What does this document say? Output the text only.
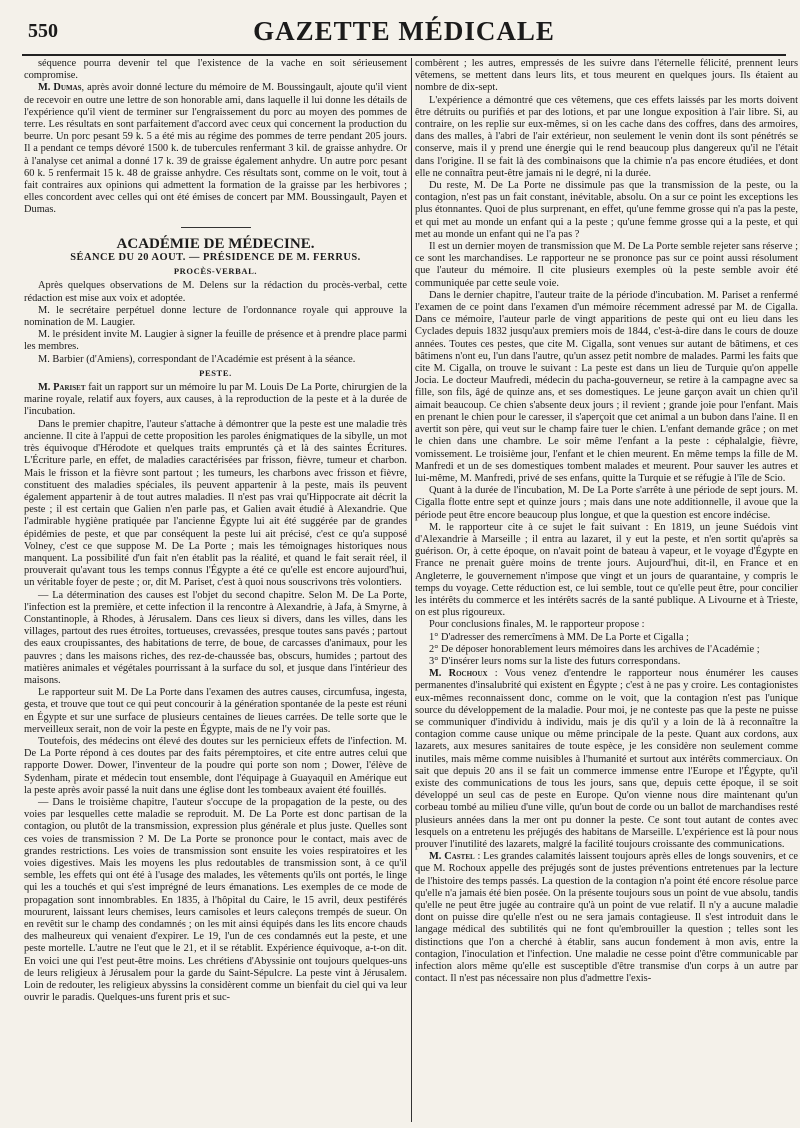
550	GAZETTE MÉDICALE

séquence pourra devenir tel que l'existence de la vache en soit sérieusement compromise.

M. Dumas, après avoir donné lecture du mémoire de M. Boussingault, ajoute qu'il vient de recevoir en outre une lettre de son honorable ami, dans laquelle il lui donne les détails de l'expérience qu'il vient de terminer sur l'engraissement du porc au moyen des pommes de terre. Les résultats en sont parfaitement d'accord avec ceux qui concernent la production du beurre. Un porc pesant 59 k. 5 a été mis au régime des pommes de terre pendant 205 jours. Il a pendant ce temps dévoré 1500 k. de tubercules renfermant 3 kil. de graisse anhydre. Or à l'analyse cet animal a donné 17 k. 39 de graisse également anhydre. Un autre porc pesant 60 k. 5 renfermait 15 k. 48 de graisse anhydre. Ces résultats sont, comme on le voit, tout à fait contraires aux opinions qui admettent la formation de la graisse par les herbivores ; elles concordent avec celles qui ont été émises de concert par MM. Boussingault, Payen et Dumas.

ACADÉMIE DE MÉDECINE.

SÉANCE DU 20 AOUT. — PRÉSIDENCE DE M. FERRUS.

PROCÈS-VERBAL.

Après quelques observations de M. Delens sur la rédaction du procès-verbal, cette rédaction est mise aux voix et adoptée.

M. le secrétaire perpétuel donne lecture de l'ordonnance royale qui approuve la nomination de M. Laugier.

M. le président invite M. Laugier à signer la feuille de présence et à prendre place parmi les membres.

M. Barbier (d'Amiens), correspondant de l'Académie est présent à la séance.

PESTE.

M. Pariset fait un rapport sur un mémoire lu par M. Louis De La Porte, chirurgien de la marine royale, relatif aux foyers, aux causes, à la reproduction de la peste et à la durée de l'incubation.

Dans le premier chapitre, l'auteur s'attache à démontrer que la peste est une maladie très ancienne. Il cite à l'appui de cette proposition les paroles énigmatiques de la sibylle, un mot très équivoque d'Hérodote et quelques traits empruntés çà et là des saintes Écritures. L'Écriture parle, en effet, de maladies caractérisées par frisson, fièvre, tumeur et charbon. Mais le frisson et la fièvre sont partout ; les tumeurs, les charbons avec frisson et fièvre, constituent des maladies spéciales, ils peuvent appartenir à la peste, mais ils peuvent également appartenir à de tout autres maladies. Il n'est pas vrai qu'Hippocrate ait décrit la peste ; il est certain que Galien n'en parle pas, et Galien avait étudié à Alexandrie. Que l'admirable hygiène pratiquée par l'ancienne Égypte lui ait été suggérée par de grandes épidémies de peste, et que par conséquent la peste lui ait précisé, c'est ce qu'a supposé Volney, c'est ce que suppose M. De La Porte ; mais les témoignages historiques nous manquent. La possibilité d'un fait n'en établit pas la réalité, et quand le fait serait réel, il prouverait qu'avant tous les temps connus l'Égypte a été ce qu'elle est encore aujourd'hui, un véritable foyer de peste ; or, dit M. Pariset, c'est à quoi nous souscrivons très volontiers.

— La détermination des causes est l'objet du second chapitre. Selon M. De La Porte, l'infection est la première, et cette infection il la rencontre à Alexandrie, à Jafa, à Smyrne, à Constantinople, à Rhodes, à Jérusalem. Dans ces lieux si divers, dans les villes, dans les villages, partout des rues étroites, tortueuses, crevassées, presque toutes sans pavés ; partout des eaux croupissantes, des habitations de terre, de boue, de carcasses d'animaux, pour les pauvres ; dans les maisons riches, des rez-de-chaussée bas, obscurs, humides ; partout des matières animales et végétales pourrissant à la surface du sol, et jusque dans l'intérieur des maisons.

Le rapporteur suit M. De La Porte dans l'examen des autres causes, circumfusa, ingesta, gesta, et trouve que tout ce qui peut concourir à la génération spontanée de la peste est réuni en Égypte et sur une surface de plusieurs centaines de lieues carrées. De telle sorte que le merveilleux serait, non de voir la peste en Égypte, mais de ne l'y voir pas.

Toutefois, des médecins ont élevé des doutes sur les pernicieux effets de l'infection. M. De La Porte répond à ces doutes par des faits péremptoires, et cite entre autres celui que rapporte Dower. Dower, l'inventeur de la poudre qui porte son nom ; Dower, l'élève de Sydenham, pirate et médecin tout ensemble, dont l'équipage à Guayaquil en Amérique eut la peste après avoir passé la nuit dans une église dont les tombeaux avaient été fouillés.

— Dans le troisième chapitre, l'auteur s'occupe de la propagation de la peste, ou des voies par lesquelles cette maladie se reproduit. M. De La Porte est donc partisan de la contagion, ou plutôt de la transmission, expression plus générale et plus juste. Quelles sont ces voies de transmission ? M. De La Porte se prononce pour le contact, mais avec de grandes restrictions. Les voies de transmission sont ensuite les voies respiratoires et les voies digestives. Mais les moyens les plus redoutables de transmission sont, à ce qu'il semble, les effets qui ont été à l'usage des malades, les vêtements qu'ils ont portés, le linge qui les a touchés et qui s'est imprégné de leurs émanations. Les exemples de ce mode de propagation sont innombrables. En 1835, à l'hôpital du Caire, le 15 avril, deux pestiférés moururent, laissant leurs chemises, leurs camisoles et leurs caleçons trempés de sueur. On en revêtit sur le champ des condamnés ; on les mit ainsi équipés dans les lits encore chauds des malheureux qui venaient d'expirer. Le 19, l'un de ces condamnés eut la peste, et une peste mortelle. L'autre ne l'eut que le 21, et il se rétablit. Expérience équivoque, a-t-on dit. En voici une qui l'est peut-être moins. Les chrétiens d'Abyssinie ont toujours quelques-uns de leurs religieux à Jérusalem pour la garde du Saint-Sépulcre. La peste vint à Jérusalem. Loin de redouter, les religieux abyssins la considèrent comme un bienfait du ciel qui va leur ouvrir le paradis. Quelques-uns furent pris et suc-

combèrent ; les autres, empressés de les suivre dans l'éternelle félicité, prennent leurs vêtemens, se mettent dans leurs lits, et tous meurent en quelques jours. Ils étaient au nombre de dix-sept.

L'expérience a démontré que ces vêtemens, que ces effets laissés par les morts doivent être détruits ou purifiés et par des lotions, et par une longue exposition à l'air libre. Si, au contraire, on les replie sur eux-mêmes, si on les cache dans des coffres, dans des armoires, dans des malles, à l'abri de l'air extérieur, non seulement le venin dont ils sont pénétrés se conserve, mais il y prend une énergie qui le rend beaucoup plus dangereux qu'il ne l'était dans l'origine. Il se fait là des combinaisons que la chimie n'a pas encore étudiées, et dont elle ne connaîtra peut-être jamais ni le degré, ni la durée.

Du reste, M. De La Porte ne dissimule pas que la transmission de la peste, ou la contagion, n'est pas un fait constant, inévitable, absolu. On a sur ce point les exceptions les plus étonnantes. Quoi de plus surprenant, en effet, qu'une femme grosse qui n'a pas la peste, et qui met au monde un enfant qui a la peste ; qu'une femme grosse qui a la peste, et qui met au monde un enfant qui ne l'a pas ?

Il est un dernier moyen de transmission que M. De La Porte semble rejeter sans réserve ; ce sont les marchandises. Le rapporteur ne se prononce pas sur ce point aussi résolument que l'auteur du mémoire. Il cite plusieurs exemples où la peste semble avoir été communiquée par cette seule voie.

Dans le dernier chapitre, l'auteur traite de la période d'incubation. M. Pariset a renfermé l'examen de ce point dans l'examen d'un mémoire récemment adressé par M. de Cigalla. Dans ce mémoire, l'auteur parle de vingt apparitions de peste qui ont eu lieu dans les Cyclades depuis 1832 jusqu'aux premiers mois de 1844, c'est-à-dire dans le cours de douze années. Toutes ces pestes, que cite M. Cigalla, sont venues sur autant de bâtimens, et ces bâtimens n'ont eu, l'un dans l'autre, qu'un assez petit nombre de malades. Parmi les faits que cite M. Cigalla, on trouve le suivant : La peste est dans un lieu de Turquie qu'on appelle Jocia. Le docteur Maufredi, médecin du pacha-gouverneur, se retire à la campagne avec sa fille, son fils, âgé de quinze ans, et ses domestiques. Le jeune garçon avait un chien qu'il aimait beaucoup. Ce chien s'absente deux jours ; il revient ; grande joie pour l'enfant. Mais en prenant le chien pour le caresser, il s'aperçoit que cet animal a un bubon dans l'aine. Il en avertit son père, qui veut sur le champ faire tuer le chien. L'enfant demande grâce ; on met le chien dans une chambre. Le soir même l'enfant a la peste : céphalalgie, fièvre, vomissement. Le troisième jour, l'enfant et le chien meurent. En même temps la fille de M. Manfredi et un de ses domestiques tombent malades et meurent. Pour sauver les autres et lui-même, M. Manfredi, privé de ses enfans, quitte la Turquie et se réfugie à l'île de Scio.

Quant à la durée de l'incubation, M. De La Porte s'arrête à une période de sept jours. M. Cigalla flotte entre sept et quinze jours ; mais dans une note additionnelle, il avoue que la période peut être encore beaucoup plus longue, et que la question est encore indécise.

M. le rapporteur cite à ce sujet le fait suivant : En 1819, un jeune Suédois vint d'Alexandrie à Marseille ; il entra au lazaret, il y eut la peste, et n'en sortit qu'après sa guérison. Or, à cette époque, on n'avait point de bateau à vapeur, et le voyage d'Égypte en France ne prenait guère moins de trente jours. Aujourd'hui, dit-il, en France et en Angleterre, le gouvernement n'impose que vingt et un jours de quarantaine, y compris le temps du voyage. Cette réduction est, ce lui semble, tout ce qu'elle peut être, pour concilier les intérêts du commerce et les intérêts sacrés de la santé publique. A Livourne et à Trieste, on est plus rigoureux.

Pour conclusions finales, M. le rapporteur propose :

1° D'adresser des remercîmens à MM. De La Porte et Cigalla ;

2° De déposer honorablement leurs mémoires dans les archives de l'Académie ;

3° D'insérer leurs noms sur la liste des futurs correspondans.

M. Rochoux : Vous venez d'entendre le rapporteur nous énumérer les causes permanentes d'insalubrité qui existent en Égypte ; c'est à ne pas y croire. Les contagionistes eux-mêmes reconnaissent donc, comme on le voit, que la contagion n'est pas l'unique source du développement de la maladie. Pour moi, je ne conteste pas que la peste ne puisse se communiquer d'individu à individu, mais je dis qu'il y a loin de là à reconnaître la contagion comme cause unique ou même principale de la peste. Quant aux cordons, aux lazarets, aux mesures sanitaires de toute espèce, je les considère non seulement comme inutiles, mais même comme nuisibles à l'humanité et surtout aux intérêts commerciaux. On sait que depuis 20 ans il se fait un commerce immense entre l'Europe et l'Égypte, qu'il existe des communications de tous les jours, sans que, depuis cette époque, il se soit développé un seul cas de peste en Europe. Qu'on vienne nous dire maintenant qu'un corbeau tombé au milieu d'une ville, qu'un bout de corde ou un ballot de marchandises resté plusieurs années dans la mer ont pu donner la peste. Ce sont tout autant de contes avec lesquels on a entretenu les préjugés des habitans de Marseille. L'expérience est là pour nous prouver l'inutilité des lazarets, malgré la facilité toujours croissante des communications.

M. Castel : Les grandes calamités laissent toujours après elles de longs souvenirs, et ce que M. Rochoux appelle des préjugés sont de justes préventions entretenues par la lecture de l'histoire des temps passés. La question de la contagion n'a point été encore résolue parce qu'elle n'a jamais été bien posée. On la présente toujours sous un point de vue absolu, tandis qu'elle ne peut être jugée au contraire qu'à un point de vue relatif. Il n'y a aucune maladie dont on puisse dire qu'elle n'est ou ne sera jamais contagieuse. Il s'est introduit dans le langage médical des subtilités qui ne font qu'embrouiller la question ; telles sont les distinctions que l'on a cherché à établir, sans aucun fondement à mon avis, entre la contagion, l'inoculation et l'infection. Une maladie ne cesse point d'être communicable par infection alors même qu'elle est susceptible d'être transmise d'un corps à un autre par contact. Il n'est pas nécessaire non plus d'admettre l'exis-
